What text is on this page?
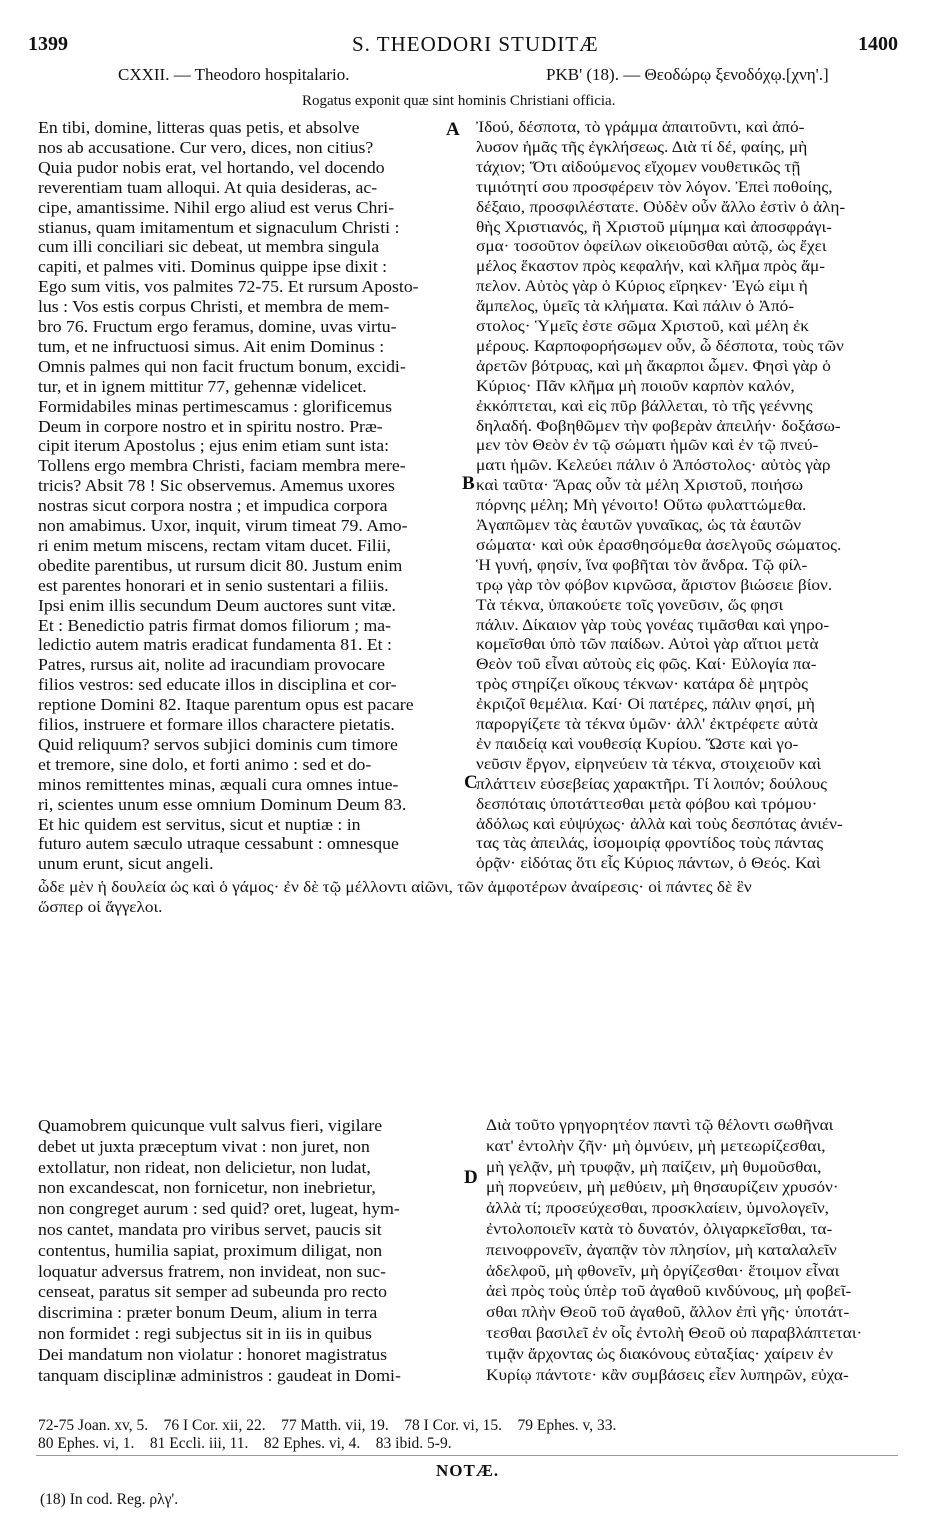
1399	S. THEODORI STUDITÆ	1400
CXXII. — Theodoro hospitalario.	ΡΚΒ' (18). — Θεοδώρῳ ξενοδόχῳ.[χνη'.]
Rogatus exponit quæ sint hominis Christiani officia.
A
B
C
D
En tibi, domine, litteras quas petis, et absolve
nos ab accusatione. Cur vero, dices, non citius?
Quia pudor nobis erat, vel hortando, vel docendo
reverentiam tuam alloqui. At quia desideras, ac-
cipe, amantissime. Nihil ergo aliud est verus Chri-
stianus, quam imitamentum et signaculum Christi :
cum illi conciliari sic debeat, ut membra singula
capiti, et palmes viti. Dominus quippe ipse dixit :
Ego sum vitis, vos palmites 72-75. Et rursum Aposto-
lus : Vos estis corpus Christi, et membra de mem-
bro 76. Fructum ergo feramus, domine, uvas virtu-
tum, et ne infructuosi simus. Ait enim Dominus :
Omnis palmes qui non facit fructum bonum, excidi-
tur, et in ignem mittitur 77, gehennæ videlicet.
Formidabiles minas pertimescamus : glorificemus
Deum in corpore nostro et in spiritu nostro. Præ-
cipit iterum Apostolus ; ejus enim etiam sunt ista:
Tollens ergo membra Christi, faciam membra mere-
tricis? Absit 78 ! Sic observemus. Amemus uxores
nostras sicut corpora nostra ; et impudica corpora
non amabimus. Uxor, inquit, virum timeat 79. Amo-
ri enim metum miscens, rectam vitam ducet. Filii,
obedite parentibus, ut rursum dicit 80. Justum enim
est parentes honorari et in senio sustentari a filiis.
Ipsi enim illis secundum Deum auctores sunt vitæ.
Et : Benedictio patris firmat domos filiorum ; ma-
ledictio autem matris eradicat fundamenta 81. Et :
Patres, rursus ait, nolite ad iracundiam provocare
filios vestros: sed educate illos in disciplina et cor-
reptione Domini 82. Itaque parentum opus est pacare
filios, instruere et formare illos charactere pietatis.
Quid reliquum? servos subjici dominis cum timore
et tremore, sine dolo, et forti animo : sed et do-
minos remittentes minas, æquali cura omnes intue-
ri, scientes unum esse omnium Dominum Deum 83.
Et hic quidem est servitus, sicut et nuptiæ : in
futuro autem sæculo utraque cessabunt : omnesque
unum erunt, sicut angeli.
Ἰδού, δέσποτα, τὸ γράμμα ἀπαιτοῦντι, καὶ ἀπό-
λυσον ἡμᾶς τῆς ἐγκλήσεως. Διὰ τί δέ, φαίης, μὴ
τάχιον; Ὅτι αἰδούμενος εἴχομεν νουθετικῶς τῇ
τιμιότητί σου προσφέρειν τὸν λόγον. Ἐπεὶ ποθοίης,
δέξαιο, προσφιλέστατε. Οὐδὲν οὖν ἄλλο ἐστὶν ὁ ἀλη-
θὴς Χριστιανός, ἢ Χριστοῦ μίμημα καὶ ἀποσφράγι-
σμα· τοσοῦτον ὀφείλων οἰκειοῦσθαι αὐτῷ, ὡς ἔχει
μέλος ἕκαστον πρὸς κεφαλήν, καὶ κλῆμα πρὸς ἄμ-
πελον. Αὐτὸς γὰρ ὁ Κύριος εἴρηκεν· Ἐγώ εἰμι ἡ
ἄμπελος, ὑμεῖς τὰ κλήματα. Καὶ πάλιν ὁ Ἀπό-
στολος· Ὑμεῖς ἐστε σῶμα Χριστοῦ, καὶ μέλη ἐκ
μέρους. Καρποφορήσωμεν οὖν, ὦ δέσποτα, τοὺς τῶν
ἀρετῶν βότρυας, καὶ μὴ ἄκαρποι ὦμεν. Φησὶ γὰρ ὁ
Κύριος· Πᾶν κλῆμα μὴ ποιοῦν καρπὸν καλόν,
ἐκκόπτεται, καὶ εἰς πῦρ βάλλεται, τὸ τῆς γεέννης
δηλαδή. Φοβηθῶμεν τὴν φοβερὰν ἀπειλήν· δοξάσω-
μεν τὸν Θεὸν ἐν τῷ σώματι ἡμῶν καὶ ἐν τῷ πνεύ-
ματι ἡμῶν. Κελεύει πάλιν ὁ Ἀπόστολος· αὐτὸς γὰρ
καὶ ταῦτα· Ἄρας οὖν τὰ μέλη Χριστοῦ, ποιήσω
πόρνης μέλη; Μὴ γένοιτο! Οὕτω φυλαττώμεθα.
Ἀγαπῶμεν τὰς ἑαυτῶν γυναῖκας, ὡς τὰ ἑαυτῶν
σώματα· καὶ οὐκ ἐρασθησόμεθα ἀσελγοῦς σώματος.
Ἡ γυνή, φησίν, ἵνα φοβῆται τὸν ἄνδρα. Τῷ φίλ-
τρῳ γὰρ τὸν φόβον κιρνῶσα, ἄριστον βιώσειε βίον.
Τὰ τέκνα, ὑπακούετε τοῖς γονεῦσιν, ὥς φησι
πάλιν. Δίκαιον γὰρ τοὺς γονέας τιμᾶσθαι καὶ γηρο-
κομεῖσθαι ὑπὸ τῶν παίδων. Αὐτοὶ γὰρ αἴτιοι μετὰ
Θεὸν τοῦ εἶναι αὐτοὺς εἰς φῶς. Καί· Εὐλογία πα-
τρὸς στηρίζει οἴκους τέκνων· κατάρα δὲ μητρὸς
ἐκριζοῖ θεμέλια. Καί· Οἱ πατέρες, πάλιν φησί, μὴ
παροργίζετε τὰ τέκνα ὑμῶν· ἀλλ' ἐκτρέφετε αὐτὰ
ἐν παιδείᾳ καὶ νουθεσίᾳ Κυρίου. Ὥστε καὶ γο-
νεῦσιν ἔργον, εἰρηνεύειν τὰ τέκνα, στοιχειοῦν καὶ
πλάττειν εὐσεβείας χαρακτῆρι. Τί λοιπόν; δούλους
δεσπόταις ὑποτάττεσθαι μετὰ φόβου καὶ τρόμου·
ἀδόλως καὶ εὐψύχως· ἀλλὰ καὶ τοὺς δεσπότας ἀνιέν-
τας τὰς ἀπειλάς, ἰσομοιρίᾳ φροντίδος τοὺς πάντας
ὁρᾷν· εἰδότας ὅτι εἷς Κύριος πάντων, ὁ Θεός. Καὶ
ὧδε μὲν ἡ δουλεία ὡς καὶ ὁ γάμος· ἐν δὲ τῷ μέλλοντι αἰῶνι, τῶν ἀμφοτέρων ἀναίρεσις· οἱ πάντες δὲ ἓν
ὥσπερ οἱ ἄγγελοι.
Quamobrem quicunque vult salvus fieri, vigilare
debet ut juxta præceptum vivat : non juret, non
extollatur, non rideat, non delicietur, non ludat,
non excandescat, non fornicetur, non inebrietur,
non congreget aurum : sed quid? oret, lugeat, hym-
nos cantet, mandata pro viribus servet, paucis sit
contentus, humilia sapiat, proximum diligat, non
loquatur adversus fratrem, non invideat, non suc-
censeat, paratus sit semper ad subeunda pro recto
discrimina : præter bonum Deum, alium in terra
non formidet : regi subjectus sit in iis in quibus
Dei mandatum non violatur : honoret magistratus
tanquam disciplinæ administros : gaudeat in Domi-
Διὰ τοῦτο γρηγορητέον παντὶ τῷ θέλοντι σωθῆναι
κατ' ἐντολὴν ζῆν· μὴ ὀμνύειν, μὴ μετεωρίζεσθαι,
μὴ γελᾷν, μὴ τρυφᾷν, μὴ παίζειν, μὴ θυμοῦσθαι,
μὴ πορνεύειν, μὴ μεθύειν, μὴ θησαυρίζειν χρυσόν·
ἀλλὰ τί; προσεύχεσθαι, προσκλαίειν, ὑμνολογεῖν,
ἐντολοποιεῖν κατὰ τὸ δυνατόν, ὀλιγαρκεῖσθαι, τα-
πεινοφρονεῖν, ἀγαπᾷν τὸν πλησίον, μὴ καταλαλεῖν
ἀδελφοῦ, μὴ φθονεῖν, μὴ ὀργίζεσθαι· ἕτοιμον εἶναι
ἀεὶ πρὸς τοὺς ὑπὲρ τοῦ ἀγαθοῦ κινδύνους, μὴ φοβεῖ-
σθαι πλὴν Θεοῦ τοῦ ἀγαθοῦ, ἄλλον ἐπὶ γῆς· ὑποτάτ-
τεσθαι βασιλεῖ ἐν οἷς ἐντολὴ Θεοῦ οὐ παραβλάπτεται·
τιμᾷν ἄρχοντας ὡς διακόνους εὐταξίας· χαίρειν ἐν
Κυρίῳ πάντοτε· κἂν συμβάσεις εἶεν λυπηρῶν, εὐχα-
72-75 Joan. xv, 5.    76 I Cor. xii, 22.    77 Matth. vii, 19.    78 I Cor. vi, 15.    79 Ephes. v, 33.
80 Ephes. vi, 1.    81 Eccli. iii, 11.    82 Ephes. vi, 4.    83 ibid. 5-9.
NOTÆ.
(18) In cod. Reg. ρλγ'.
